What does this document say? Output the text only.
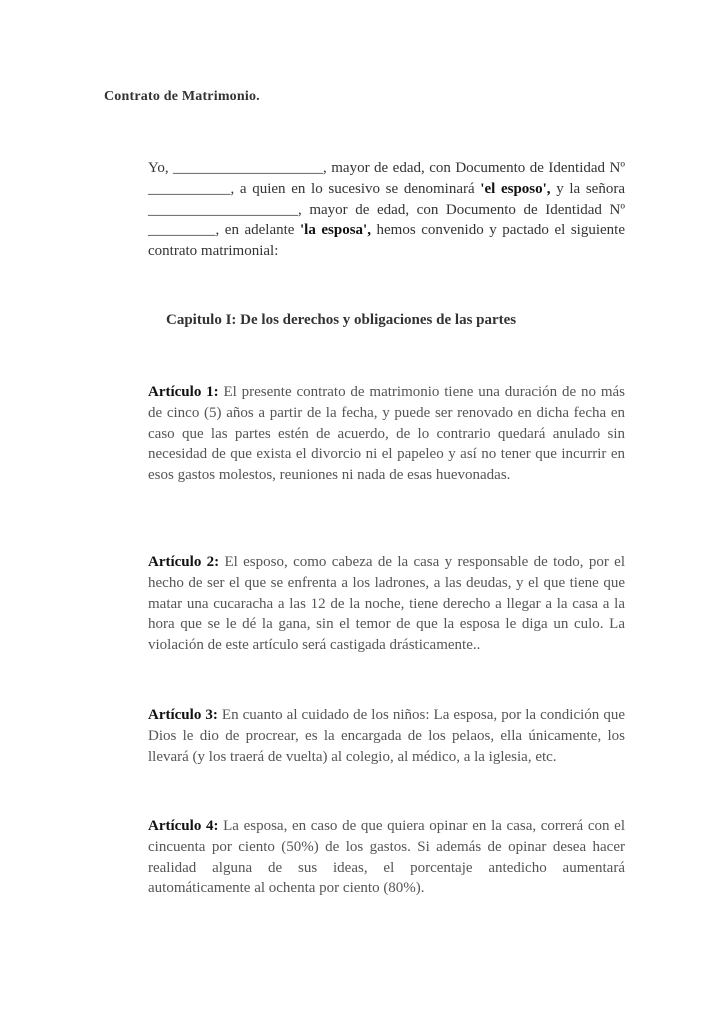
Contrato de Matrimonio.
Yo, ____________________, mayor de edad, con Documento de Identidad Nº ___________, a quien en lo sucesivo se denominará 'el esposo', y la señora ____________________, mayor de edad, con Documento de Identidad Nº _________, en adelante 'la esposa', hemos convenido y pactado el siguiente contrato matrimonial:
Capitulo I: De los derechos y obligaciones de las partes
Artículo 1: El presente contrato de matrimonio tiene una duración de no más de cinco (5) años a partir de la fecha, y puede ser renovado en dicha fecha en caso que las partes estén de acuerdo, de lo contrario quedará anulado sin necesidad de que exista el divorcio ni el papeleo y así no tener que incurrir en esos gastos molestos, reuniones ni nada de esas huevonadas.
Artículo 2: El esposo, como cabeza de la casa y responsable de todo, por el hecho de ser el que se enfrenta a los ladrones, a las deudas, y el que tiene que matar una cucaracha a las 12 de la noche, tiene derecho a llegar a la casa a la hora que se le dé la gana, sin el temor de que la esposa le diga un culo. La violación de este artículo será castigada drásticamente..
Artículo 3: En cuanto al cuidado de los niños: La esposa, por la condición que Dios le dio de procrear, es la encargada de los pelaos, ella únicamente, los llevará (y los traerá de vuelta) al colegio, al médico, a la iglesia, etc.
Artículo 4: La esposa, en caso de que quiera opinar en la casa, correrá con el cincuenta por ciento (50%) de los gastos. Si además de opinar desea hacer realidad alguna de sus ideas, el porcentaje antedicho aumentará automáticamente al ochenta por ciento (80%).
